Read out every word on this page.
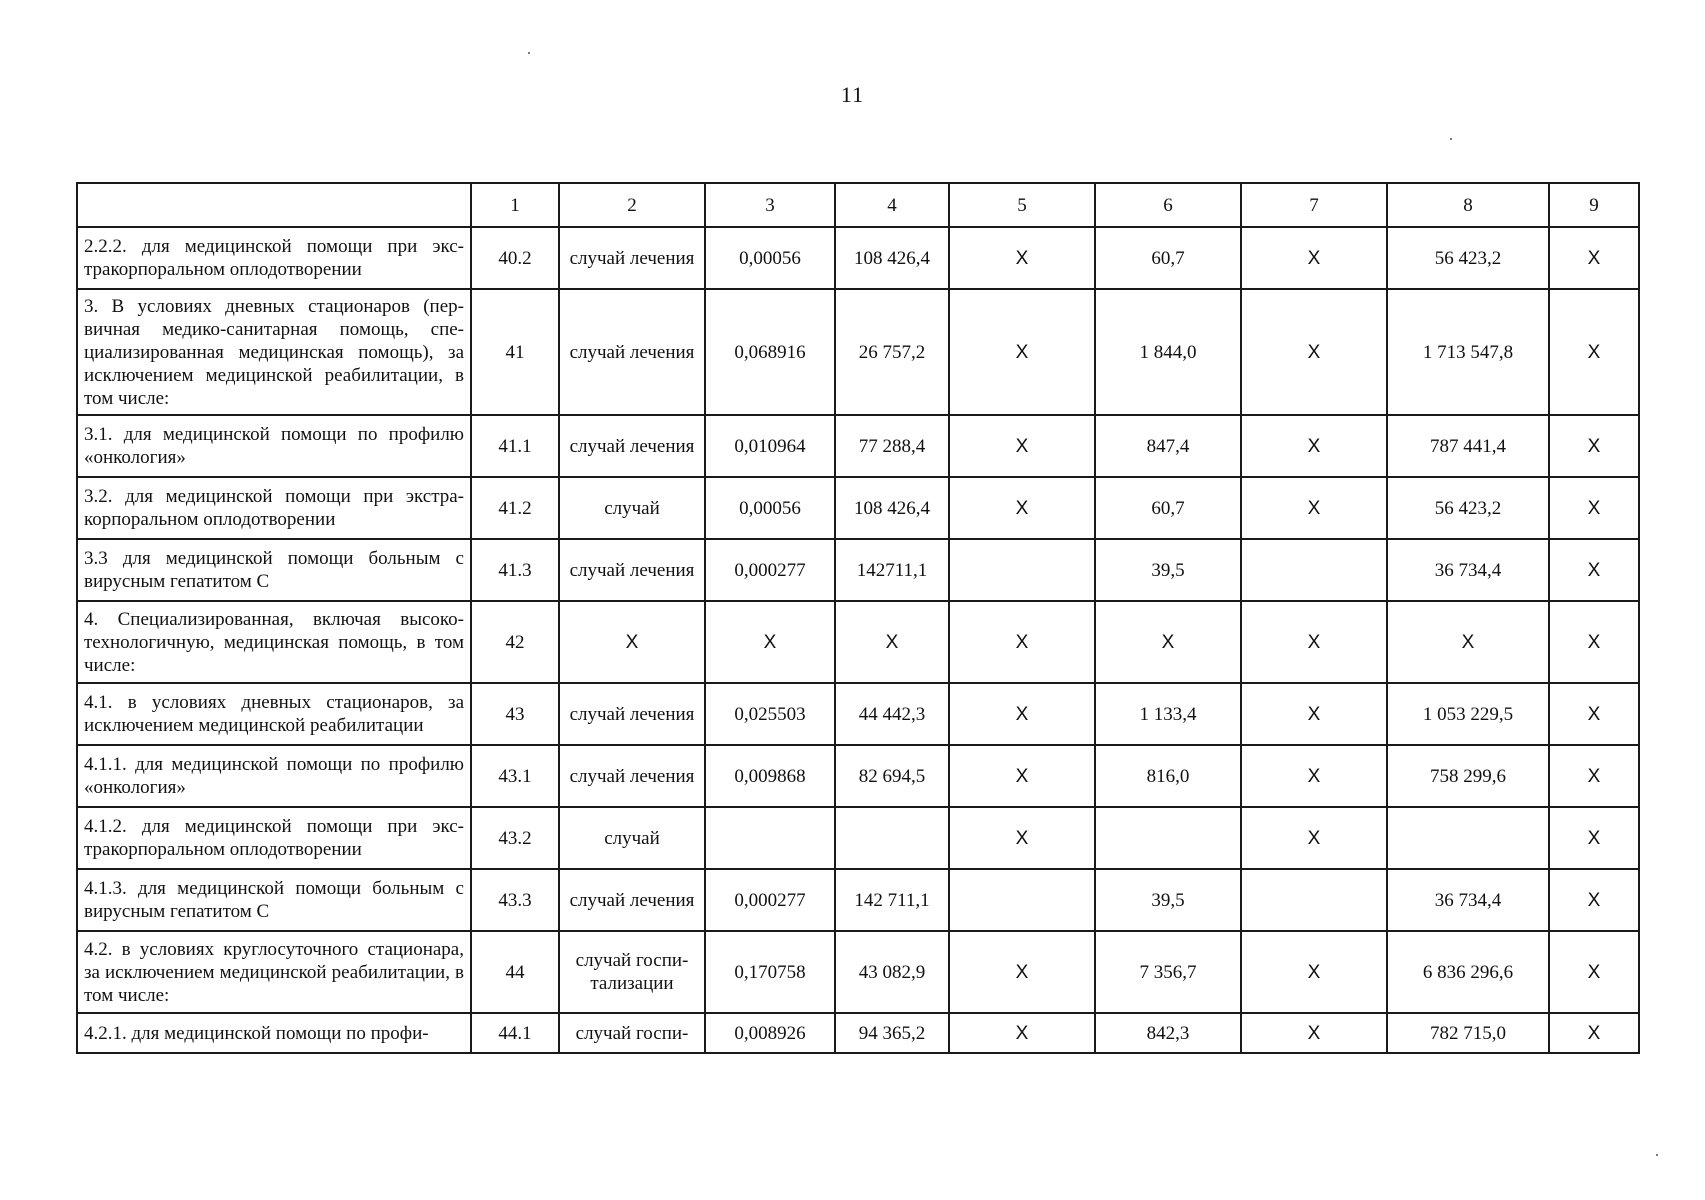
11
	1	2	3	4	5	6	7	8	9
2.2.2. для медицинской помощи при экстракорпоральном оплодотворении	40.2	случай лечения	0,00056	108 426,4	X	60,7	X	56 423,2	X
3. В условиях дневных стационаров (первичная медико-санитарная помощь, специализированная медицинская помощь), за исключением медицинской реабилитации, в том числе:	41	случай лечения	0,068916	26 757,2	X	1 844,0	X	1 713 547,8	X
3.1. для медицинской помощи по профилю «онкология»	41.1	случай лечения	0,010964	77 288,4	X	847,4	X	787 441,4	X
3.2. для медицинской помощи при экстракорпоральном оплодотворении	41.2	случай	0,00056	108 426,4	X	60,7	X	56 423,2	X
3.3 для медицинской помощи больным с вирусным гепатитом С	41.3	случай лечения	0,000277	142711,1		39,5		36 734,4	X
4. Специализированная, включая высокотехнологичную, медицинская помощь, в том числе:	42	X	X	X	X	X	X	X	X
4.1. в условиях дневных стационаров, за исключением медицинской реабилитации	43	случай лечения	0,025503	44 442,3	X	1 133,4	X	1 053 229,5	X
4.1.1. для медицинской помощи по профилю «онкология»	43.1	случай лечения	0,009868	82 694,5	X	816,0	X	758 299,6	X
4.1.2. для медицинской помощи при экстракорпоральном оплодотворении	43.2	случай			X		X		X
4.1.3. для медицинской помощи больным с вирусным гепатитом С	43.3	случай лечения	0,000277	142 711,1		39,5		36 734,4	X
4.2. в условиях круглосуточного стационара, за исключением медицинской реабилитации, в том числе:	44	случай госпитализации	0,170758	43 082,9	X	7 356,7	X	6 836 296,6	X
4.2.1. для медицинской помощи по профи-	44.1	случай госпи-	0,008926	94 365,2	X	842,3	X	782 715,0	X
